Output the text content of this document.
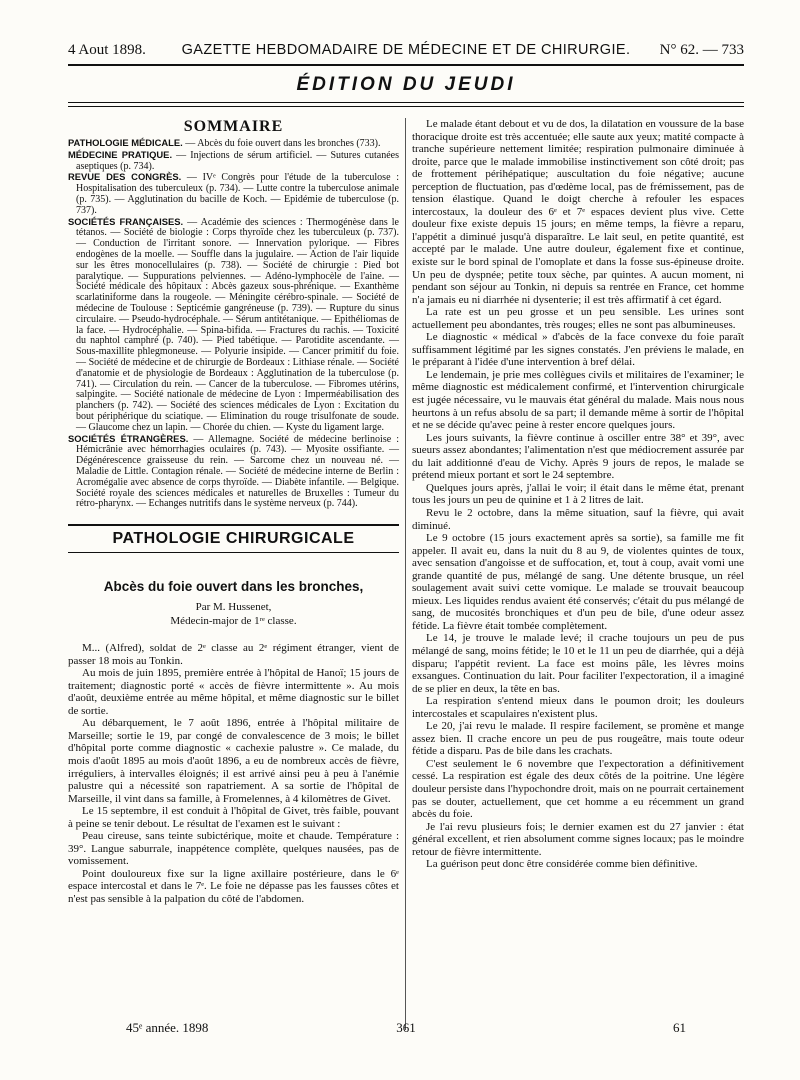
4 Aout 1898.	GAZETTE HEBDOMADAIRE DE MÉDECINE ET DE CHIRURGIE.	N° 62. — 733
ÉDITION DU JEUDI
SOMMAIRE

PATHOLOGIE MÉDICALE. — Abcès du foie ouvert dans les bronches (733).

MÉDECINE PRATIQUE. — Injections de sérum artificiel. — Sutures cutanées aseptiques (p. 734).

REVUE DES CONGRÈS. — IVᵉ Congrès pour l'étude de la tuberculose : Hospitalisation des tuberculeux (p. 734). — Lutte contre la tuberculose animale (p. 735). — Agglutination du bacille de Koch. — Epidémie de tuberculose (p. 737).

SOCIÉTÉS FRANÇAISES. — Académie des sciences : Thermogénèse dans le tétanos. — Société de biologie : Corps thyroïde chez les tuberculeux (p. 737). — Conduction de l'irritant sonore. — Innervation pylorique. — Fibres endogènes de la moelle. — Souffle dans la jugulaire. — Action de l'air liquide sur les êtres monocellulaires (p. 738). — Société de chirurgie : Pied bot paralytique. — Suppurations pelviennes. — Adéno-lymphocèle de l'aine. — Société médicale des hôpitaux : Abcès gazeux sous-phrénique. — Exanthème scarlatiniforme dans la rougeole. — Méningite cérébro-spinale. — Société de médecine de Toulouse : Septicémie gangréneuse (p. 739). — Rupture du sinus circulaire. — Pseudo-hydrocéphale. — Sérum antitétanique. — Epithéliomas de la face. — Hydrocéphalie. — Spina-bifida. — Fractures du rachis. — Toxicité du naphtol camphré (p. 740). — Pied tabétique. — Parotidite ascendante. — Sous-maxillite phlegmoneuse. — Polyurie insipide. — Cancer primitif du foie. — Société de médecine et de chirurgie de Bordeaux : Lithiase rénale. — Société d'anatomie et de physiologie de Bordeaux : Agglutination de la tuberculose (p. 741). — Circulation du rein. — Cancer de la tuberculose. — Fibromes utérins, salpingite. — Société nationale de médecine de Lyon : Imperméabilisation des planchers (p. 742). — Société des sciences médicales de Lyon : Excitation du bout périphérique du sciatique. — Elimination du rouge trisulfonate de soude. — Glaucome chez un lapin. — Chorée du chien. — Kyste du ligament large.

SOCIÉTÉS ÉTRANGÈRES. — Allemagne. Société de médecine berlinoise : Hémicrânie avec hémorrhagies oculaires (p. 743). — Myosite ossifiante. — Dégénérescence graisseuse du rein. — Sarcome chez un nouveau né. — Maladie de Little. Contagion rénale. — Société de médecine interne de Berlin : Acromégalie avec absence de corps thyroïde. — Diabète infantile. — Belgique. Société royale des sciences médicales et naturelles de Bruxelles : Tumeur du rétro-pharynx. — Echanges nutritifs dans le système nerveux (p. 744).

PATHOLOGIE CHIRURGICALE
Abcès du foie ouvert dans les bronches,
Par M. Hussenet,
Médecin-major de 1ʳᵉ classe.

M... (Alfred), soldat de 2ᵉ classe au 2ᵉ régiment étranger, vient de passer 18 mois au Tonkin.

Au mois de juin 1895, première entrée à l'hôpital de Hanoï; 15 jours de traitement; diagnostic porté « accès de fièvre intermittente ». Au mois d'août, deuxième entrée au même hôpital, et même diagnostic sur le billet de sortie.

Au débarquement, le 7 août 1896, entrée à l'hôpital militaire de Marseille; sortie le 19, par congé de convalescence de 3 mois; le billet d'hôpital porte comme diagnostic « cachexie palustre ». Ce malade, du mois d'août 1895 au mois d'août 1896, a eu de nombreux accès de fièvre, irréguliers, à intervalles éloignés; il est arrivé ainsi peu à peu à l'anémie palustre qui a nécessité son rapatriement. A sa sortie de l'hôpital de Marseille, il vint dans sa famille, à Fromelennes, à 4 kilomètres de Givet.

Le 15 septembre, il est conduit à l'hôpital de Givet, très faible, pouvant à peine se tenir debout. Le résultat de l'examen est le suivant :

Peau cireuse, sans teinte subictérique, moite et chaude. Température : 39°. Langue saburrale, inappétence complète, quelques nausées, pas de vomissement.

Point douloureux fixe sur la ligne axillaire postérieure, dans le 6ᵉ espace intercostal et dans le 7ᵉ. Le foie ne dépasse pas les fausses côtes et n'est pas sensible à la palpation du côté de l'abdomen.

Le malade étant debout et vu de dos, la dilatation en voussure de la base thoracique droite est très accentuée; elle saute aux yeux; matité compacte à tranche supérieure nettement limitée; respiration pulmonaire diminuée à droite, parce que le malade immobilise instinctivement son côté droit; pas de frottement périhépatique; auscultation du foie négative; aucune perception de fluctuation, pas d'œdème local, pas de frémissement, pas de tension élastique. Quand le doigt cherche à refouler les espaces intercostaux, la douleur des 6ᵉ et 7ᵉ espaces devient plus vive. Cette douleur fixe existe depuis 15 jours; en même temps, la fièvre a reparu, l'appétit a diminué jusqu'à disparaître. Le lait seul, en petite quantité, est accepté par le malade. Une autre douleur, également fixe et continue, existe sur le bord spinal de l'omoplate et dans la fosse sus-épineuse droite. Un peu de dyspnée; petite toux sèche, par quintes. A aucun moment, ni pendant son séjour au Tonkin, ni depuis sa rentrée en France, cet homme n'a jamais eu ni diarrhée ni dysenterie; il est très affirmatif à cet égard.

La rate est un peu grosse et un peu sensible. Les urines sont actuellement peu abondantes, très rouges; elles ne sont pas albumineuses.

Le diagnostic « médical » d'abcès de la face convexe du foie paraît suffisamment légitimé par les signes constatés. J'en préviens le malade, en le préparant à l'idée d'une intervention à bref délai.

Le lendemain, je prie mes collègues civils et militaires de l'examiner; le même diagnostic est médicalement confirmé, et l'intervention chirurgicale est jugée nécessaire, vu le mauvais état général du malade. Mais nous nous heurtons à un refus absolu de sa part; il demande même à sortir de l'hôpital et ne se décide qu'avec peine à rester encore quelques jours.

Les jours suivants, la fièvre continue à osciller entre 38° et 39°, avec sueurs assez abondantes; l'alimentation n'est que médiocrement assurée par du lait additionné d'eau de Vichy. Après 9 jours de repos, le malade se prétend mieux portant et sort le 24 septembre.

Quelques jours après, j'allai le voir; il était dans le même état, prenant tous les jours un peu de quinine et 1 à 2 litres de lait.

Revu le 2 octobre, dans la même situation, sauf la fièvre, qui avait diminué.

Le 9 octobre (15 jours exactement après sa sortie), sa famille me fit appeler. Il avait eu, dans la nuit du 8 au 9, de violentes quintes de toux, avec sensation d'angoisse et de suffocation, et, tout à coup, avait vomi une grande quantité de pus, mélangé de sang. Une détente brusque, un réel soulagement avait suivi cette vomique. Le malade se trouvait beaucoup mieux. Les liquides rendus avaient été conservés; c'était du pus mélangé de sang, de mucosités bronchiques et d'un peu de bile, d'une odeur assez fétide. La fièvre était tombée complètement.

Le 14, je trouve le malade levé; il crache toujours un peu de pus mélangé de sang, moins fétide; le 10 et le 11 un peu de diarrhée, qui a déjà disparu; l'appétit revient. La face est moins pâle, les lèvres moins exsangues. Continuation du lait. Pour faciliter l'expectoration, il a imaginé de se plier en deux, la tête en bas.

La respiration s'entend mieux dans le poumon droit; les douleurs intercostales et scapulaires n'existent plus.

Le 20, j'ai revu le malade. Il respire facilement, se promène et mange assez bien. Il crache encore un peu de pus rougeâtre, mais toute odeur fétide a disparu. Pas de bile dans les crachats.

C'est seulement le 6 novembre que l'expectoration a définitivement cessé. La respiration est égale des deux côtés de la poitrine. Une légère douleur persiste dans l'hypochondre droit, mais on ne pourrait certainement pas se douter, actuellement, que cet homme a eu récemment un grand abcès du foie.

Je l'ai revu plusieurs fois; le dernier examen est du 27 janvier : état général excellent, et rien absolument comme signes locaux; pas le moindre retour de fièvre intermittente.

La guérison peut donc être considérée comme bien définitive.

45ᵉ année. 1898	361	61
